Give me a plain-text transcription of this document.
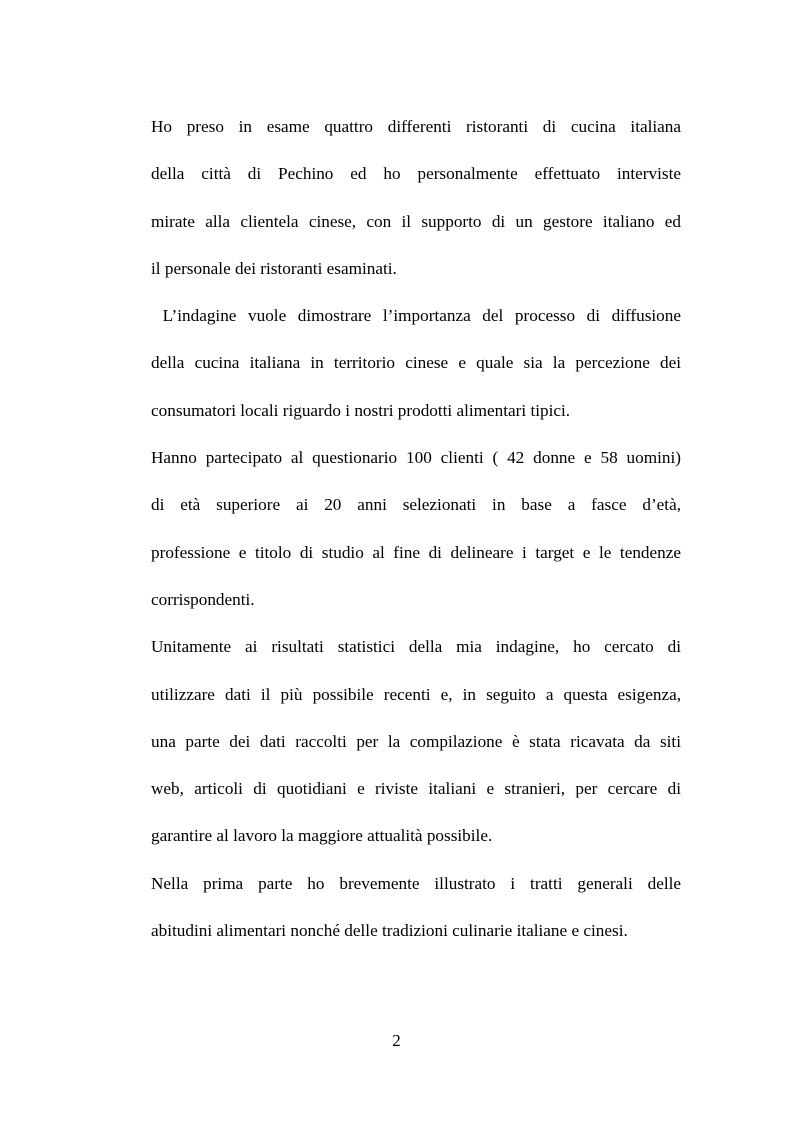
Ho preso in esame quattro differenti ristoranti di cucina italiana
della città di Pechino ed ho personalmente effettuato interviste
mirate alla clientela cinese, con il supporto di un gestore italiano ed
il personale dei ristoranti esaminati.
L’indagine vuole dimostrare l’importanza del processo di diffusione
della cucina italiana in territorio cinese e quale sia la percezione dei
consumatori locali riguardo i nostri prodotti alimentari tipici.
Hanno partecipato al questionario 100 clienti ( 42 donne e 58 uomini)
di età superiore ai 20 anni selezionati in base a fasce d’età,
professione e titolo di studio al fine di delineare i target e le tendenze
corrispondenti.
Unitamente ai risultati statistici della mia indagine, ho cercato di
utilizzare dati il più possibile recenti e, in seguito a questa esigenza,
una parte dei dati raccolti per la compilazione è stata ricavata da siti
web, articoli di quotidiani e riviste italiani e stranieri, per cercare di
garantire al lavoro la maggiore attualità possibile.
Nella prima parte ho brevemente illustrato i tratti generali delle
abitudini alimentari nonché delle tradizioni culinarie italiane e cinesi.
2
